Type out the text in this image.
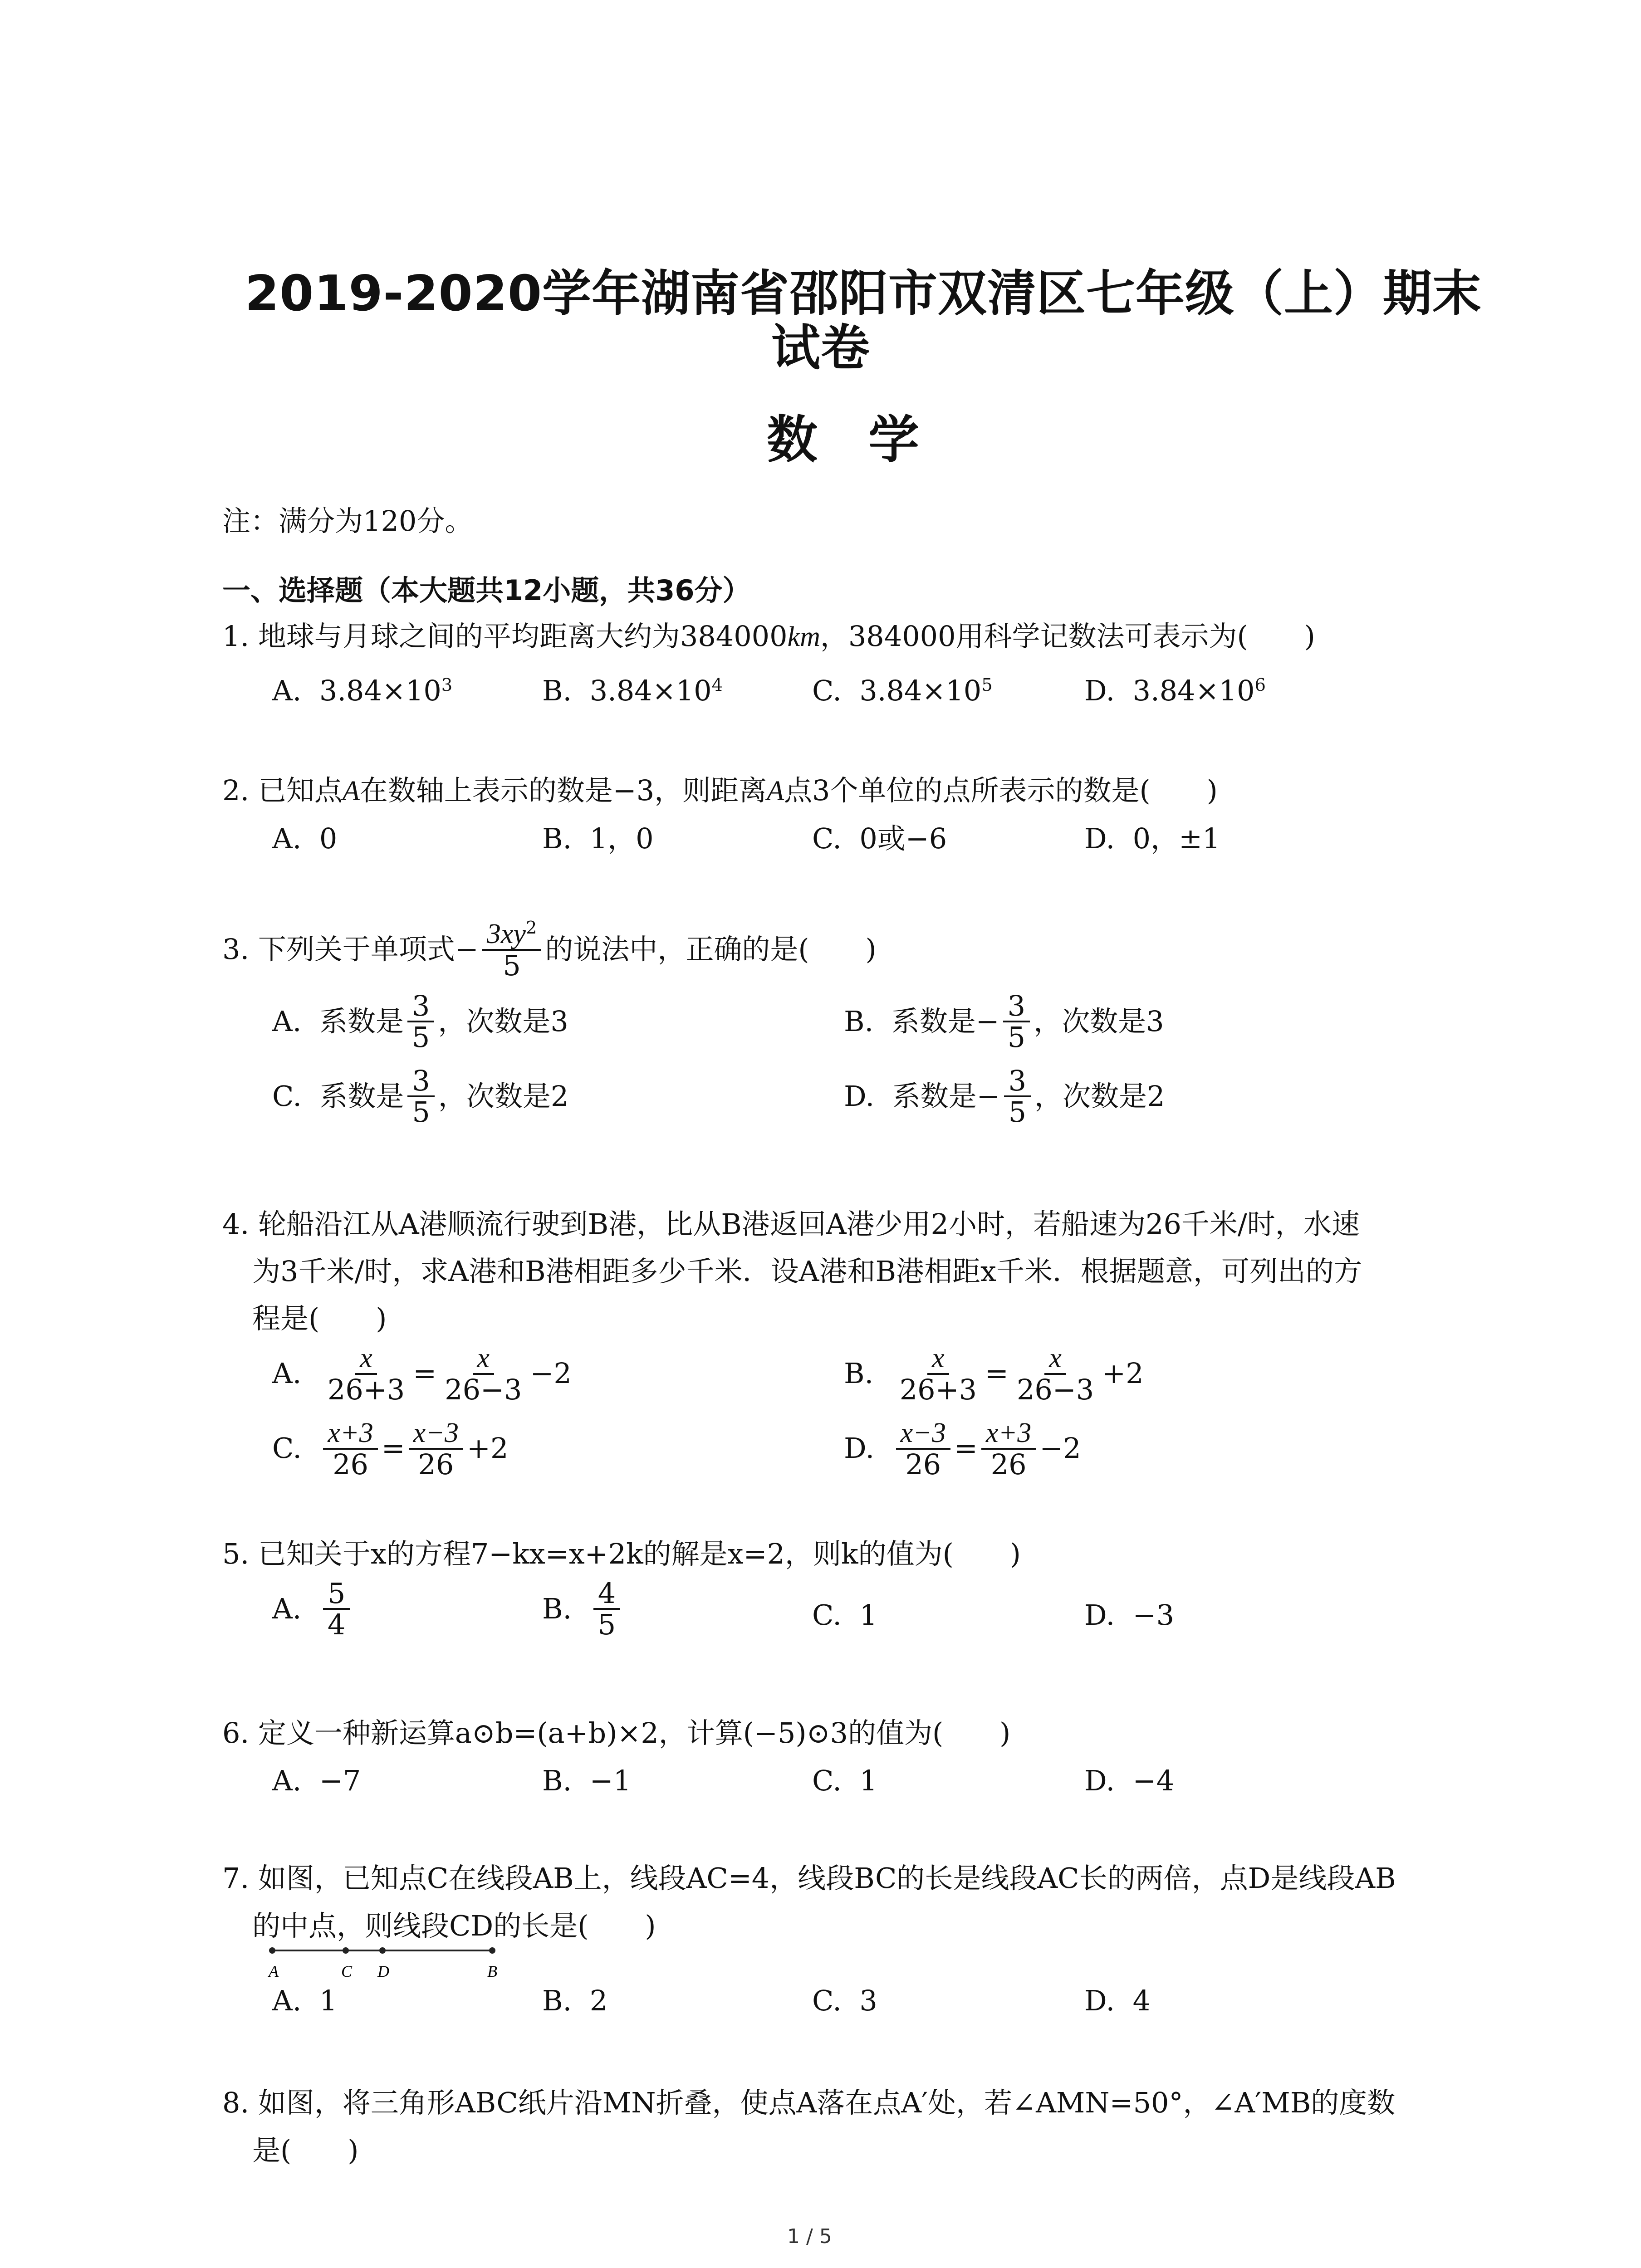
2019-2020学年湖南省邵阳市双清区七年级（上）期末
试卷
数　学
注：满分为120分。
一、选择题（本大题共12小题，共36分）
1. 地球与月球之间的平均距离大约为384000km，384000用科学记数法可表示为(　　)
A. $3.84\times 10^3$	B. $3.84\times 10^4$	C. $3.84\times 10^5$	D. $3.84\times 10^6$
2. 已知点A在数轴上表示的数是−3，则距离A点3个单位的点所表示的数是(　　)
A. 0	B. 1，0	C. 0或−6	D. 0，±1
3.
下列关于单项式− $\frac{3xy^2}{5}$ 的说法中，正确的是(　　)
A.
系数是 $\frac{3}{5}$ ，次数是3	B.
系数是− $\frac{3}{5}$ ，次数是3
C.
系数是 $\frac{3}{5}$ ，次数是2	D.
系数是− $\frac{3}{5}$ ，次数是2
4. 轮船沿江从A港顺流行驶到B港，比从B港返回A港少用2小时，若船速为26千米/时，水速
为3千米/时，求A港和B港相距多少千米．设A港和B港相距x千米．根据题意，可列出的方
程是(　　)
A.
$\frac{x}{26+3} = \frac{x}{26-3} -2$	B.
$\frac{x}{26+3} = \frac{x}{26-3} +2$
C.
$\frac{x+3}{26} = \frac{x-3}{26} +2$	D.
$\frac{x-3}{26} = \frac{x+3}{26} -2$
5. 已知关于x的方程7−kx=x+2k的解是x=2，则k的值为(　　)
A.
$\frac{5}{4}$	B.
$\frac{4}{5}$	C. 1	D. −3
6. 定义一种新运算a⊙b=(a+b)×2，计算(−5)⊙3的值为(　　)
A. −7	B. −1	C. 1	D. −4
7. 如图，已知点C在线段AB上，线段AC=4，线段BC的长是线段AC长的两倍，点D是线段AB
的中点，则线段CD的长是(　　)
A	C D	B
A. 1	B. 2	C. 3	D. 4
8. 如图，将三角形ABC纸片沿MN折叠，使点A落在点A′处，若∠AMN=50°，∠A′MB的度数
是(　　)
1 / 5
